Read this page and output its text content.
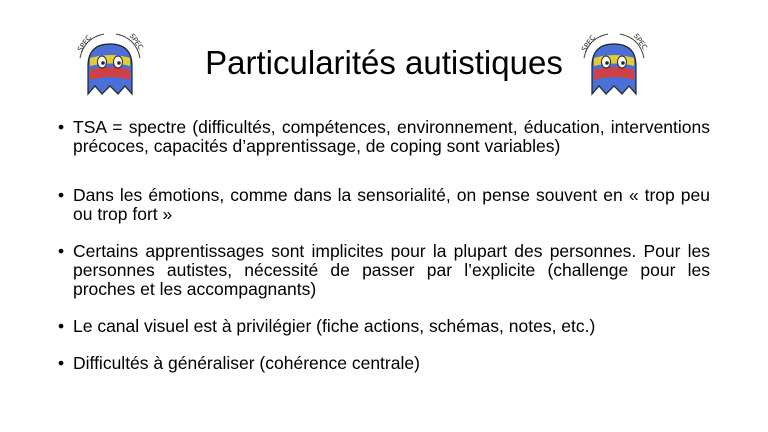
SPEC	SPEC
Particularités autistiques
SPEC	SPEC
• TSA = spectre (difficultés, compétences, environnement, éducation, interventions précoces, capacités d’apprentissage, de coping sont variables)
• Dans les émotions, comme dans la sensorialité, on pense souvent en « trop peu ou trop fort »
• Certains apprentissages sont implicites pour la plupart des personnes. Pour les personnes autistes, nécessité de passer par l’explicite (challenge pour les proches et les accompagnants)
• Le canal visuel est à privilégier (fiche actions, schémas, notes, etc.)
• Difficultés à généraliser (cohérence centrale)
